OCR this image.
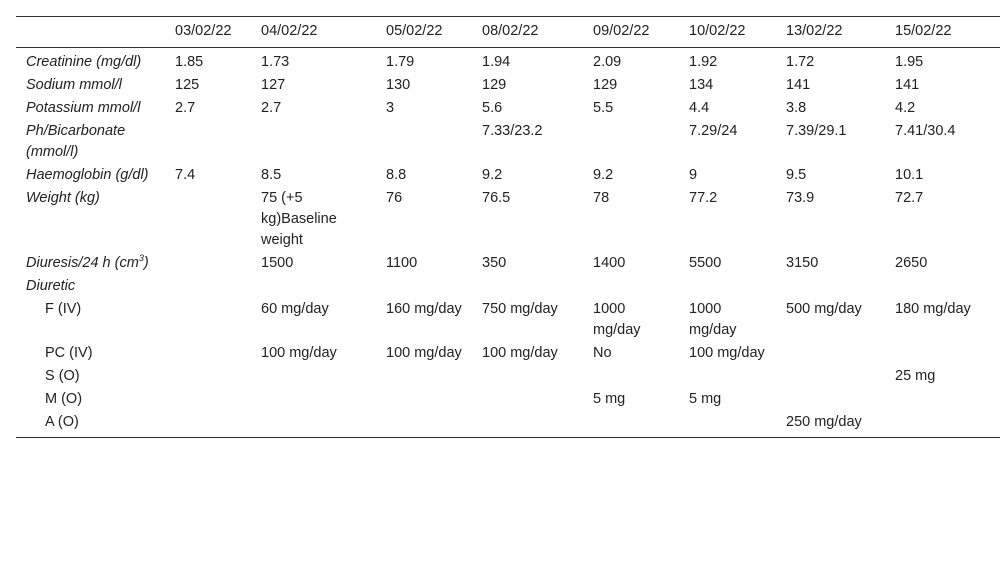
	03/02/22	04/02/22	05/02/22	08/02/22	09/02/22	10/02/22	13/02/22	15/02/22
Creatinine (mg/dl)	1.85	1.73	1.79	1.94	2.09	1.92	1.72	1.95
Sodium mmol/l	125	127	130	129	129	134	141	141
Potassium mmol/l	2.7	2.7	3	5.6	5.5	4.4	3.8	4.2
Ph/Bicarbonate (mmol/l)				7.33/23.2		7.29/24	7.39/29.1	7.41/30.4
Haemoglobin (g/dl)	7.4	8.5	8.8	9.2	9.2	9	9.5	10.1
Weight (kg)		75 (+5 kg)Baseline weight	76	76.5	78	77.2	73.9	72.7
Diuresis/24 h $(cm^3)$		1500	1100	350	1400	5500	3150	2650
Diuretic								
F (IV)		60 mg/day	160 mg/day	750 mg/day	1000 mg/day	1000 mg/day	500 mg/day	180 mg/day
PC (IV)		100 mg/day	100 mg/day	100 mg/day	No	100 mg/day		
S (O)								25 mg
M (O)					5 mg	5 mg		
A (O)							250 mg/day	
